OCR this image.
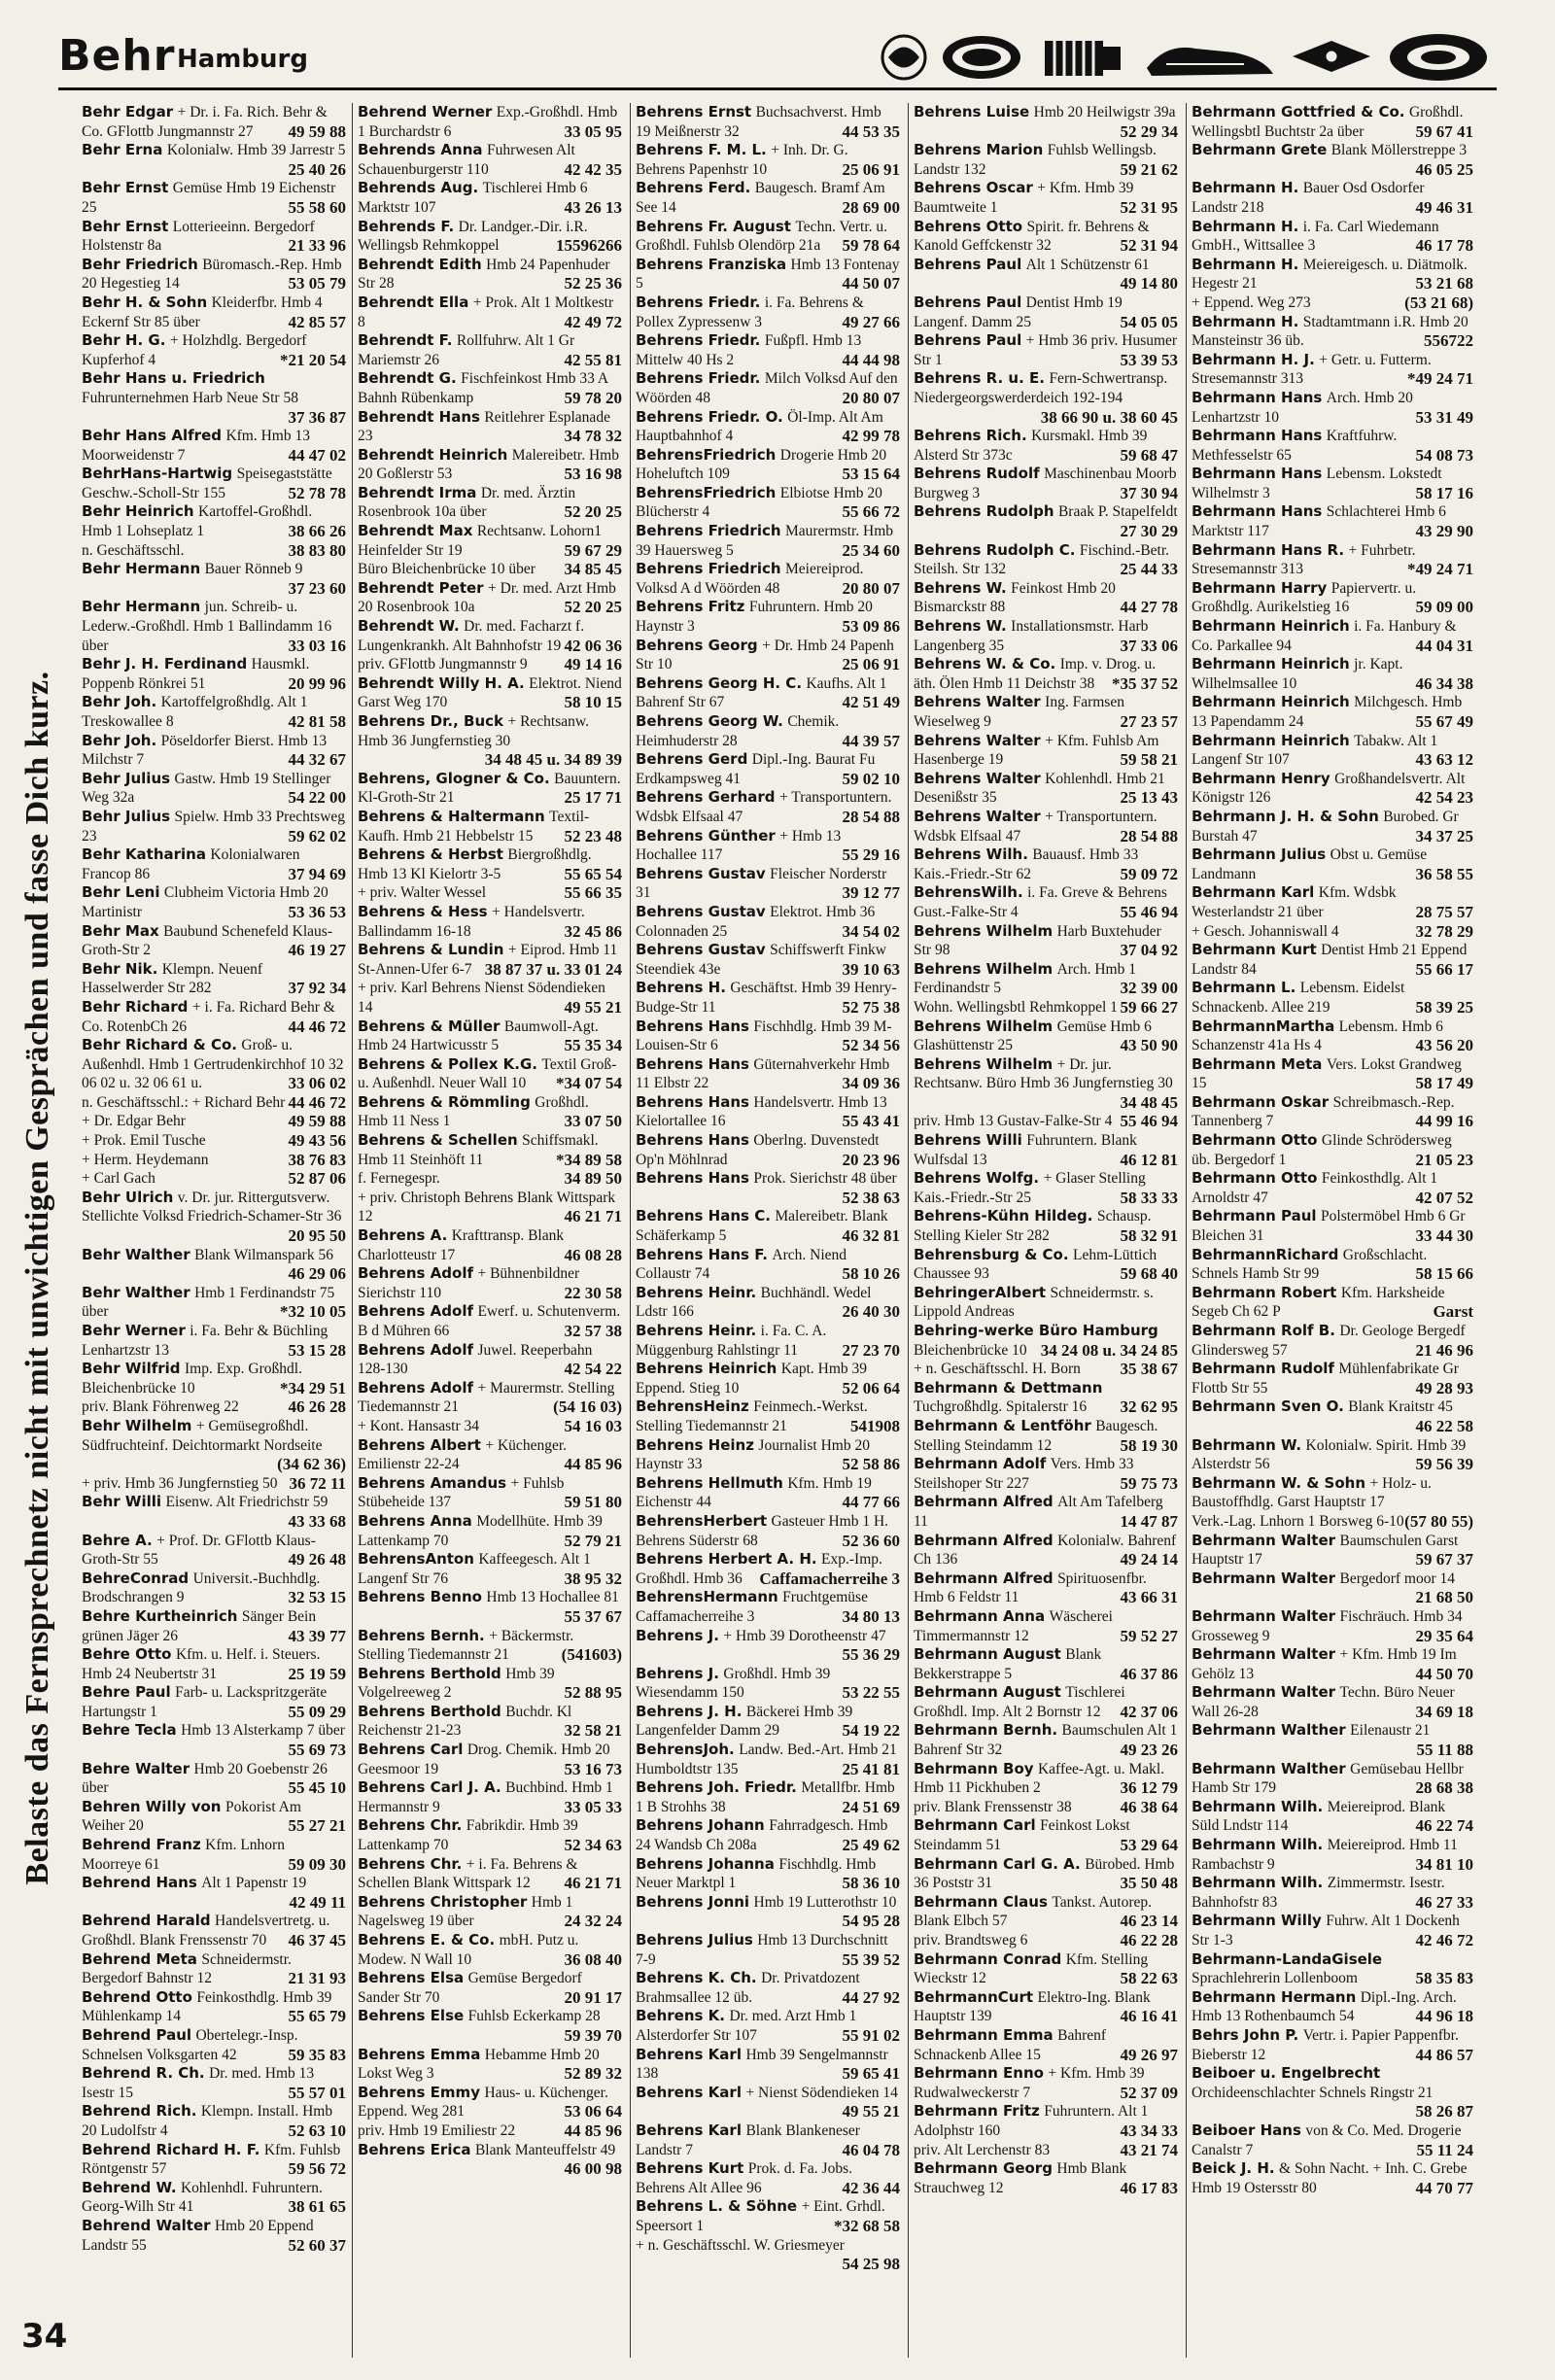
Behr Hamburg
Belaste das Fernsprechnetz nicht mit unwichtigen Gesprächen und fasse Dich kurz.
34
Behr Edgar + Dr. i. Fa. Rich. Behr & Co. GFlottb Jungmannstr 27 49 59 88
Behr Erna Kolonialw. Hmb 39 Jarrestr 5
25 40 26
Behr Ernst Gemüse Hmb 19 Eichenstr 25	55 58 60
Behr Ernst Lotterieeinn. Bergedorf Holstenstr 8a	21 33 96
Behr Friedrich Büromasch.-Rep. Hmb 20 Hegestieg 14	53 05 79
Behr H. & Sohn Kleiderfbr. Hmb 4 Eckernf Str 85 über	42 85 57
Behr H. G. + Holzhdlg. Bergedorf Kupferhof 4	*21 20 54
Behr Hans u. Friedrich Fuhrunternehmen Harb Neue Str 58
37 36 87
Behr Hans Alfred Kfm. Hmb 13 Moorweidenstr 7	44 47 02
BehrHans-Hartwig Speisegaststätte Geschw.-Scholl-Str 155	52 78 78
Behr Heinrich Kartoffel-Großhdl. Hmb 1 Lohseplatz 1	38 66 26
n. Geschäftsschl.	38 83 80
Behr Hermann Bauer Rönneb 9
37 23 60
Behr Hermann jun. Schreib- u. Lederw.-Großhdl. Hmb 1 Ballindamm 16 über	33 03 16
Behr J. H. Ferdinand Hausmkl. Poppenb Rönkrei 51	20 99 96
Behr Joh. Kartoffelgroßhdlg. Alt 1 Treskowallee 8	42 81 58
Behr Joh. Pöseldorfer Bierst. Hmb 13 Milchstr 7	44 32 67
Behr Julius Gastw. Hmb 19 Stellinger Weg 32a	54 22 00
Behr Julius Spielw. Hmb 33 Prechtsweg 23	59 62 02
Behr Katharina Kolonialwaren Francop 86	37 94 69
Behr Leni Clubheim Victoria Hmb 20 Martinistr	53 36 53
Behr Max Baubund Schenefeld Klaus-Groth-Str 2	46 19 27
Behr Nik. Klempn. Neuenf Hasselwerder Str 282	37 92 34
Behr Richard + i. Fa. Richard Behr & Co. RotenbCh 26	44 46 72
Behr Richard & Co. Groß- u. Außenhdl. Hmb 1 Gertrudenkirchhof 10 32 06 02 u. 32 06 61 u.	33 06 02
n. Geschäftsschl.: + Richard Behr 44 46 72
+ Dr. Edgar Behr	49 59 88
+ Prok. Emil Tusche	49 43 56
+ Herm. Heydemann	38 76 83
+ Carl Gach	52 87 06
Behr Ulrich v. Dr. jur. Rittergutsverw. Stellichte Volksd Friedrich-Schamer-Str 36
20 95 50
Behr Walther Blank Wilmanspark 56
46 29 06
Behr Walther Hmb 1 Ferdinandstr 75 über	*32 10 05
Behr Werner i. Fa. Behr & Büchling Lenhartzstr 13	53 15 28
Behr Wilfrid Imp. Exp. Großhdl. Bleichenbrücke 10	*34 29 51
priv. Blank Föhrenweg 22	46 26 28
Behr Wilhelm + Gemüsegroßhdl. Südfruchteinf. Deichtormarkt Nordseite
(34 62 36)
+ priv. Hmb 36 Jungfernstieg 50 36 72 11
Behr Willi Eisenw. Alt Friedrichstr 59
43 33 68
Behre A. + Prof. Dr. GFlottb Klaus-Groth-Str 55	49 26 48
BehreConrad Universit.-Buchhdlg. Brodschrangen 9	32 53 15
Behre Kurtheinrich Sänger Bein grünen Jäger 26	43 39 77
Behre Otto Kfm. u. Helf. i. Steuers. Hmb 24 Neubertstr 31	25 19 59
Behre Paul Farb- u. Lackspritzgeräte Hartungstr 1	55 09 29
Behre Tecla Hmb 13 Alsterkamp 7 über
55 69 73
Behre Walter Hmb 20 Goebenstr 26 über	55 45 10
Behren Willy von Pokorist Am Weiher 20	55 27 21
Behrend Franz Kfm. Lnhorn Moorreye 61	59 09 30
Behrend Hans Alt 1 Papenstr 19
42 49 11
Behrend Harald Handelsvertretg. u. Großhdl. Blank Frenssenstr 70 46 37 45
Behrend Meta Schneidermstr. Bergedorf Bahnstr 12	21 31 93
Behrend Otto Feinkosthdlg. Hmb 39 Mühlenkamp 14	55 65 79
Behrend Paul Obertelegr.-Insp. Schnelsen Volksgarten 42	59 35 83
Behrend R. Ch. Dr. med. Hmb 13 Isestr 15	55 57 01
Behrend Rich. Klempn. Install. Hmb 20 Ludolfstr 4	52 63 10
Behrend Richard H. F. Kfm. Fuhlsb Röntgenstr 57	59 56 72
Behrend W. Kohlenhdl. Fuhruntern. Georg-Wilh Str 41	38 61 65
Behrend Walter Hmb 20 Eppend Landstr 55	52 60 37
Behrend Werner Exp.-Großhdl. Hmb 1 Burchardstr 6	33 05 95
Behrends Anna Fuhrwesen Alt Schauenburgerstr 110	42 42 35
Behrends Aug. Tischlerei Hmb 6 Marktstr 107	43 26 13
Behrends F. Dr. Landger.-Dir. i.R. Wellingsb Rehmkoppel	15596266
Behrendt Edith Hmb 24 Papenhuder Str 28	52 25 36
Behrendt Ella + Prok. Alt 1 Moltkestr 8	42 49 72
Behrendt F. Rollfuhrw. Alt 1 Gr Mariemstr 26	42 55 81
Behrendt G. Fischfeinkost Hmb 33 A Bahnh Rübenkamp	59 78 20
Behrendt Hans Reitlehrer Esplanade 23	34 78 32
Behrendt Heinrich Malereibetr. Hmb 20 Goßlerstr 53	53 16 98
Behrendt Irma Dr. med. Ärztin Rosenbrook 10a über	52 20 25
Behrendt Max Rechtsanw. Lohorn1 Heinfelder Str 19	59 67 29
Büro Bleichenbrücke 10 über 34 85 45
Behrendt Peter + Dr. med. Arzt Hmb 20 Rosenbrook 10a	52 20 25
Behrendt W. Dr. med. Facharzt f. Lungenkrankh. Alt Bahnhofstr 19 42 06 36
priv. GFlottb Jungmannstr 9 49 14 16
Behrendt Willy H. A. Elektrot. Niend Garst Weg 170	58 10 15
Behrens Dr., Buck + Rechtsanw. Hmb 36 Jungfernstieg 30
34 48 45 u. 34 89 39
Behrens, Glogner & Co. Bauuntern. Kl-Groth-Str 21	25 17 71
Behrens & Haltermann Textil-Kaufh. Hmb 21 Hebbelstr 15 52 23 48
Behrens & Herbst Biergroßhdlg. Hmb 13 Kl Kielortr 3-5	55 65 54
+ priv. Walter Wessel	55 66 35
Behrens & Hess + Handelsvertr. Ballindamm 16-18	32 45 86
Behrens & Lundin + Eiprod. Hmb 11 St-Annen-Ufer 6-7 38 87 37 u. 33 01 24
+ priv. Karl Behrens Nienst Södendieken 14	49 55 21
Behrens & Müller Baumwoll-Agt. Hmb 24 Hartwicusstr 5	55 35 34
Behrens & Pollex K.G. Textil Groß- u. Außenhdl. Neuer Wall 10 *34 07 54
Behrens & Römmling Großhdl. Hmb 11 Ness 1	33 07 50
Behrens & Schellen Schiffsmakl. Hmb 11 Steinhöft 11	*34 89 58
f. Fernegespr.	34 89 50
+ priv. Christoph Behrens Blank Wittspark 12	46 21 71
Behrens A. Krafttransp. Blank Charlotteustr 17	46 08 28
Behrens Adolf + Bühnenbildner Sierichstr 110	22 30 58
Behrens Adolf Ewerf. u. Schutenverm. B d Mühren 66	32 57 38
Behrens Adolf Juwel. Reeperbahn 128-130	42 54 22
Behrens Adolf + Maurermstr. Stelling Tiedemannstr 21	(54 16 03)
+ Kont. Hansastr 34	54 16 03
Behrens Albert + Küchenger. Emilienstr 22-24	44 85 96
Behrens Amandus + Fuhlsb Stübeheide 137	59 51 80
Behrens Anna Modellhüte. Hmb 39 Lattenkamp 70	52 79 21
BehrensAnton Kaffeegesch. Alt 1 Langenf Str 76	38 95 32
Behrens Benno Hmb 13 Hochallee 81
55 37 67
Behrens Bernh. + Bäckermstr. Stelling Tiedemannstr 21	(541603)
Behrens Berthold Hmb 39 Volgelreeweg 2	52 88 95
Behrens Berthold Buchdr. Kl Reichenstr 21-23	32 58 21
Behrens Carl Drog. Chemik. Hmb 20 Geesmoor 19	53 16 73
Behrens Carl J. A. Buchbind. Hmb 1 Hermannstr 9	33 05 33
Behrens Chr. Fabrikdir. Hmb 39 Lattenkamp 70	52 34 63
Behrens Chr. + i. Fa. Behrens & Schellen Blank Wittspark 12 46 21 71
Behrens Christopher Hmb 1 Nagelsweg 19 über	24 32 24
Behrens E. & Co. mbH. Putz u. Modew. N Wall 10	36 08 40
Behrens Elsa Gemüse Bergedorf Sander Str 70	20 91 17
Behrens Else Fuhlsb Eckerkamp 28
59 39 70
Behrens Emma Hebamme Hmb 20 Lokst Weg 3	52 89 32
Behrens Emmy Haus- u. Küchenger. Eppend. Weg 281	53 06 64
priv. Hmb 19 Emiliestr 22	44 85 96
Behrens Erica Blank Manteuffelstr 49
46 00 98
Behrens Ernst Buchsachverst. Hmb 19 Meißnerstr 32	44 53 35
Behrens F. M. L. + Inh. Dr. G. Behrens Papenhstr 10	25 06 91
Behrens Ferd. Baugesch. Bramf Am See 14	28 69 00
Behrens Fr. August Techn. Vertr. u. Großhdl. Fuhlsb Olendörp 21a 59 78 64
Behrens Franziska Hmb 13 Fontenay 5	44 50 07
Behrens Friedr. i. Fa. Behrens & Pollex Zypressenw 3	49 27 66
Behrens Friedr. Fußpfl. Hmb 13 Mittelw 40 Hs 2	44 44 98
Behrens Friedr. Milch Volksd Auf den Wöörden 48	20 80 07
Behrens Friedr. O. Öl-Imp. Alt Am Hauptbahnhof 4	42 99 78
BehrensFriedrich Drogerie Hmb 20 Hoheluftch 109	53 15 64
BehrensFriedrich Elbiotse Hmb 20 Blücherstr 4	55 66 72
Behrens Friedrich Maurermstr. Hmb 39 Hauersweg 5	25 34 60
Behrens Friedrich Meiereiprod. Volksd A d Wöörden 48	20 80 07
Behrens Fritz Fuhruntern. Hmb 20 Haynstr 3	53 09 86
Behrens Georg + Dr. Hmb 24 Papenh Str 10	25 06 91
Behrens Georg H. C. Kaufhs. Alt 1 Bahrenf Str 67	42 51 49
Behrens Georg W. Chemik. Heimhuderstr 28	44 39 57
Behrens Gerd Dipl.-Ing. Baurat Fu Erdkampsweg 41	59 02 10
Behrens Gerhard + Transportuntern. Wdsbk Elfsaal 47	28 54 88
Behrens Günther + Hmb 13 Hochallee 117	55 29 16
Behrens Gustav Fleischer Norderstr 31	39 12 77
Behrens Gustav Elektrot. Hmb 36 Colonnaden 25	34 54 02
Behrens Gustav Schiffswerft Finkw Steendiek 43e	39 10 63
Behrens H. Geschäftst. Hmb 39 Henry-Budge-Str 11	52 75 38
Behrens Hans Fischhdlg. Hmb 39 M-Louisen-Str 6	52 34 56
Behrens Hans Güternahverkehr Hmb 11 Elbstr 22	34 09 36
Behrens Hans Handelsvertr. Hmb 13 Kielortallee 16	55 43 41
Behrens Hans Oberlng. Duvenstedt Op'n Möhlnrad	20 23 96
Behrens Hans Prok. Sierichstr 48 über
52 38 63
Behrens Hans C. Malereibetr. Blank Schäferkamp 5	46 32 81
Behrens Hans F. Arch. Niend Collaustr 74	58 10 26
Behrens Heinr. Buchhändl. Wedel Ldstr 166	26 40 30
Behrens Heinr. i. Fa. C. A. Müggenburg Rahlstingr 11	27 23 70
Behrens Heinrich Kapt. Hmb 39 Eppend. Stieg 10	52 06 64
BehrensHeinz Feinmech.-Werkst. Stelling Tiedemannstr 21	541908
Behrens Heinz Journalist Hmb 20 Haynstr 33	52 58 86
Behrens Hellmuth Kfm. Hmb 19 Eichenstr 44	44 77 66
BehrensHerbert Gasteuer Hmb 1 H. Behrens Süderstr 68	52 36 60
Behrens Herbert A. H. Exp.-Imp. Großhdl. Hmb 36 Caffamacherreihe 3
BehrensHermann Fruchtgemüse Caffamacherreihe 3	34 80 13
Behrens J. + Hmb 39 Dorotheenstr 47
55 36 29
Behrens J. Großhdl. Hmb 39 Wiesendamm 150	53 22 55
Behrens J. H. Bäckerei Hmb 39 Langenfelder Damm 29	54 19 22
BehrensJoh. Landw. Bed.-Art. Hmb 21 Humboldtstr 135	25 41 81
Behrens Joh. Friedr. Metallfbr. Hmb 1 B Strohhs 38	24 51 69
Behrens Johann Fahrradgesch. Hmb 24 Wandsb Ch 208a	25 49 62
Behrens Johanna Fischhdlg. Hmb Neuer Marktpl 1	58 36 10
Behrens Jonni Hmb 19 Lutterothstr 10
54 95 28
Behrens Julius Hmb 13 Durchschnitt 7-9	55 39 52
Behrens K. Ch. Dr. Privatdozent Brahmsallee 12 üb.	44 27 92
Behrens K. Dr. med. Arzt Hmb 1 Alsterdorfer Str 107	55 91 02
Behrens Karl Hmb 39 Sengelmannstr 138	59 65 41
Behrens Karl + Nienst Södendieken 14
49 55 21
Behrens Karl Blank Blankeneser Landstr 7	46 04 78
Behrens Kurt Prok. d. Fa. Jobs. Behrens Alt Allee 96	42 36 44
Behrens L. & Söhne + Eint. Grhdl. Speersort 1	*32 68 58
+ n. Geschäftsschl. W. Griesmeyer
54 25 98
Behrens Luise Hmb 20 Heilwigstr 39a
52 29 34
Behrens Marion Fuhlsb Wellingsb. Landstr 132	59 21 62
Behrens Oscar + Kfm. Hmb 39 Baumtweite 1	52 31 95
Behrens Otto Spirit. fr. Behrens & Kanold Geffckenstr 32	52 31 94
Behrens Paul Alt 1 Schützenstr 61
49 14 80
Behrens Paul Dentist Hmb 19 Langenf. Damm 25	54 05 05
Behrens Paul + Hmb 36 priv. Husumer Str 1	53 39 53
Behrens R. u. E. Fern-Schwertransp. Niedergeorgswerderdeich 192-194
38 66 90 u. 38 60 45
Behrens Rich. Kursmakl. Hmb 39 Alsterd Str 373c	59 68 47
Behrens Rudolf Maschinenbau Moorb Burgweg 3	37 30 94
Behrens Rudolph Braak P. Stapelfeldt
27 30 29
Behrens Rudolph C. Fischind.-Betr. Steilsh. Str 132	25 44 33
Behrens W. Feinkost Hmb 20 Bismarckstr 88	44 27 78
Behrens W. Installationsmstr. Harb Langenberg 35	37 33 06
Behrens W. & Co. Imp. v. Drog. u. äth. Ölen Hmb 11 Deichstr 38 *35 37 52
Behrens Walter Ing. Farmsen Wieselweg 9	27 23 57
Behrens Walter + Kfm. Fuhlsb Am Hasenberge 19	59 58 21
Behrens Walter Kohlenhdl. Hmb 21 Desenißstr 35	25 13 43
Behrens Walter + Transportuntern. Wdsbk Elfsaal 47	28 54 88
Behrens Wilh. Bauausf. Hmb 33 Kais.-Friedr.-Str 62	59 09 72
BehrensWilh. i. Fa. Greve & Behrens Gust.-Falke-Str 4	55 46 94
Behrens Wilhelm Harb Buxtehuder Str 98	37 04 92
Behrens Wilhelm Arch. Hmb 1 Ferdinandstr 5	32 39 00
Wohn. Wellingsbtl Rehmkoppel 1 59 66 27
Behrens Wilhelm Gemüse Hmb 6 Glashüttenstr 25	43 50 90
Behrens Wilhelm + Dr. jur. Rechtsanw. Büro Hmb 36 Jungfernstieg 30
34 48 45
priv. Hmb 13 Gustav-Falke-Str 4 55 46 94
Behrens Willi Fuhruntern. Blank Wulfsdal 13	46 12 81
Behrens Wolfg. + Glaser Stelling Kais.-Friedr.-Str 25	58 33 33
Behrens-Kühn Hildeg. Schausp. Stelling Kieler Str 282	58 32 91
Behrensburg & Co. Lehm-Lüttich Chaussee 93	59 68 40
BehringerAlbert Schneidermstr. s. Lippold Andreas
Behring-werke Büro Hamburg Bleichenbrücke 10 34 24 08 u. 34 24 85
+ n. Geschäftsschl. H. Born 35 38 67
Behrmann & Dettmann Tuchgroßhdlg. Spitalerstr 16 32 62 95
Behrmann & Lentföhr Baugesch. Stelling Steindamm 12	58 19 30
Behrmann Adolf Vers. Hmb 33 Steilshoper Str 227	59 75 73
Behrmann Alfred Alt Am Tafelberg 11	14 47 87
Behrmann Alfred Kolonialw. Bahrenf Ch 136	49 24 14
Behrmann Alfred Spirituosenfbr. Hmb 6 Feldstr 11	43 66 31
Behrmann Anna Wäscherei Timmermannstr 12	59 52 27
Behrmann August Blank Bekkerstrappe 5	46 37 86
Behrmann August Tischlerei Großhdl. Imp. Alt 2 Bornstr 12 42 37 06
Behrmann Bernh. Baumschulen Alt 1 Bahrenf Str 32	49 23 26
Behrmann Boy Kaffee-Agt. u. Makl. Hmb 11 Pickhuben 2	36 12 79
priv. Blank Frenssenstr 38	46 38 64
Behrmann Carl Feinkost Lokst Steindamm 51	53 29 64
Behrmann Carl G. A. Bürobed. Hmb 36 Poststr 31	35 50 48
Behrmann Claus Tankst. Autorep. Blank Elbch 57	46 23 14
priv. Brandtsweg 6	46 22 28
Behrmann Conrad Kfm. Stelling Wieckstr 12	58 22 63
BehrmannCurt Elektro-Ing. Blank Hauptstr 139	46 16 41
Behrmann Emma Bahrenf Schnackenb Allee 15	49 26 97
Behrmann Enno + Kfm. Hmb 39 Rudwalweckerstr 7	52 37 09
Behrmann Fritz Fuhruntern. Alt 1 Adolphstr 160	43 34 33
priv. Alt Lerchenstr 83	43 21 74
Behrmann Georg Hmb Blank Strauchweg 12	46 17 83
Behrmann Gottfried & Co. Großhdl. Wellingsbtl Buchtstr 2a über	59 67 41
Behrmann Grete Blank Möllerstreppe 3
46 05 25
Behrmann H. Bauer Osd Osdorfer Landstr 218	49 46 31
Behrmann H. i. Fa. Carl Wiedemann GmbH., Wittsallee 3	46 17 78
Behrmann H. Meiereigesch. u. Diätmolk. Hegestr 21	53 21 68
+ Eppend. Weg 273	(53 21 68)
Behrmann H. Stadtamtmann i.R. Hmb 20 Mansteinstr 36 üb.	556722
Behrmann H. J. + Getr. u. Futterm. Stresemannstr 313	*49 24 71
Behrmann Hans Arch. Hmb 20 Lenhartzstr 10	53 31 49
Behrmann Hans Kraftfuhrw. Methfesselstr 65	54 08 73
Behrmann Hans Lebensm. Lokstedt Wilhelmstr 3	58 17 16
Behrmann Hans Schlachterei Hmb 6 Marktstr 117	43 29 90
Behrmann Hans R. + Fuhrbetr. Stresemannstr 313	*49 24 71
Behrmann Harry Papiervertr. u. Großhdlg. Aurikelstieg 16	59 09 00
Behrmann Heinrich i. Fa. Hanbury & Co. Parkallee 94	44 04 31
Behrmann Heinrich jr. Kapt. Wilhelmsallee 10	46 34 38
Behrmann Heinrich Milchgesch. Hmb 13 Papendamm 24	55 67 49
Behrmann Heinrich Tabakw. Alt 1 Langenf Str 107	43 63 12
Behrmann Henry Großhandelsvertr. Alt Königstr 126	42 54 23
Behrmann J. H. & Sohn Burobed. Gr Burstah 47	34 37 25
Behrmann Julius Obst u. Gemüse Landmann	36 58 55
Behrmann Karl Kfm. Wdsbk Westerlandstr 21 über	28 75 57
+ Gesch. Johanniswall 4	32 78 29
Behrmann Kurt Dentist Hmb 21 Eppend Landstr 84	55 66 17
Behrmann L. Lebensm. Eidelst Schnackenb. Allee 219	58 39 25
BehrmannMartha Lebensm. Hmb 6 Schanzenstr 41a Hs 4	43 56 20
Behrmann Meta Vers. Lokst Grandweg 15	58 17 49
Behrmann Oskar Schreibmasch.-Rep. Tannenberg 7	44 99 16
Behrmann Otto Glinde Schrödersweg üb. Bergedorf 1	21 05 23
Behrmann Otto Feinkosthdlg. Alt 1 Arnoldstr 47	42 07 52
Behrmann Paul Polstermöbel Hmb 6 Gr Bleichen 31	33 44 30
BehrmannRichard Großschlacht. Schnels Hamb Str 99	58 15 66
Behrmann Robert Kfm. Harksheide Segeb Ch 62 P	Garst
Behrmann Rolf B. Dr. Geologe Bergedf Glindersweg 57	21 46 96
Behrmann Rudolf Mühlenfabrikate Gr Flottb Str 55	49 28 93
Behrmann Sven O. Blank Kraitstr 45
46 22 58
Behrmann W. Kolonialw. Spirit. Hmb 39 Alsterdstr 56	59 56 39
Behrmann W. & Sohn + Holz- u. Baustoffhdlg. Garst Hauptstr 17
Verk.-Lag. Lnhorn 1 Borsweg 6-10 (57 80 55)
Behrmann Walter Baumschulen Garst Hauptstr 17	59 67 37
Behrmann Walter Bergedorf moor 14
21 68 50
Behrmann Walter Fischräuch. Hmb 34 Grosseweg 9	29 35 64
Behrmann Walter + Kfm. Hmb 19 Im Gehölz 13	44 50 70
Behrmann Walter Techn. Büro Neuer Wall 26-28	34 69 18
Behrmann Walther Eilenaustr 21
55 11 88
Behrmann Walther Gemüsebau Hellbr Hamb Str 179	28 68 38
Behrmann Wilh. Meiereiprod. Blank Süld Lndstr 114	46 22 74
Behrmann Wilh. Meiereiprod. Hmb 11 Rambachstr 9	34 81 10
Behrmann Wilh. Zimmermstr. Isestr. Bahnhofstr 83	46 27 33
Behrmann Willy Fuhrw. Alt 1 Dockenh Str 1-3	42 46 72
Behrmann-LandaGisele Sprachlehrerin Lollenboom	58 35 83
Behrmann Hermann Dipl.-Ing. Arch. Hmb 13 Rothenbaumch 54	44 96 18
Behrs John P. Vertr. i. Papier Pappenfbr. Bieberstr 12	44 86 57
Beiboer u. Engelbrecht Orchideenschlachter Schnels Ringstr 21
58 26 87
Beiboer Hans von & Co. Med. Drogerie Canalstr 7	55 11 24
Beick J. H. & Sohn Nacht. + Inh. C. Grebe Hmb 19 Ostersstr 80	44 70 77
